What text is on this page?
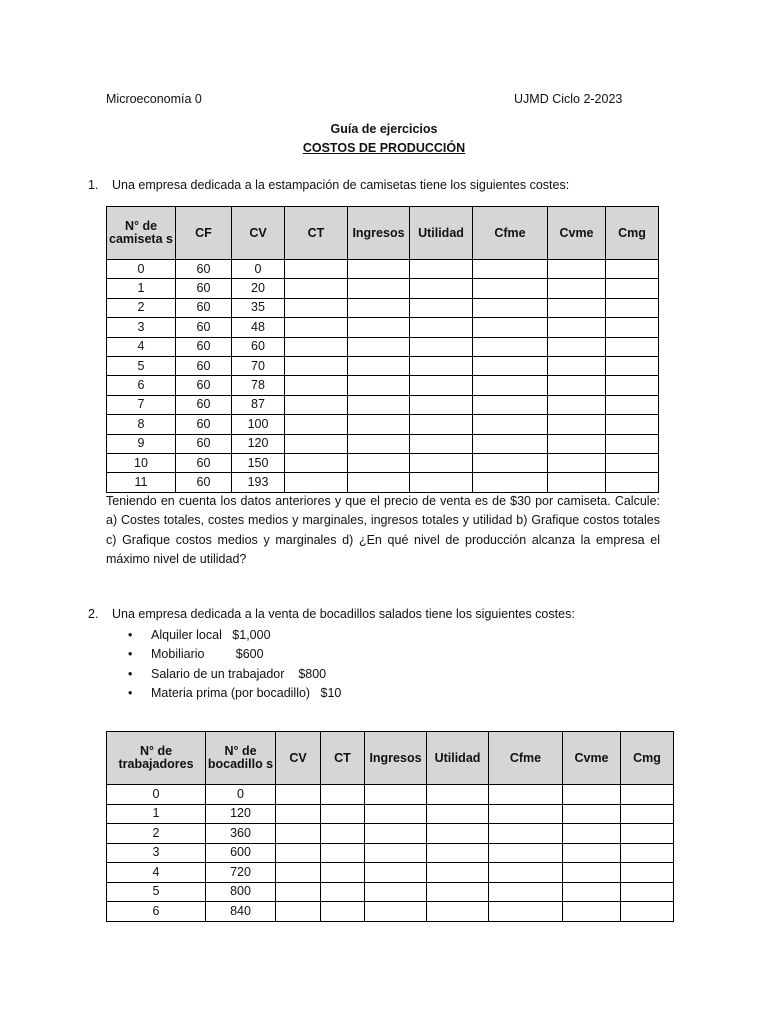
Microeconomía 0	UJMD Ciclo 2-2023
Guía de ejercicios
COSTOS DE PRODUCCIÓN
1. Una empresa dedicada a la estampación de camisetas tiene los siguientes costes:
N° de camiseta s	CF	CV	CT	Ingresos	Utilidad	Cfme	Cvme	Cmg
0	60	0						
1	60	20						
2	60	35						
3	60	48						
4	60	60						
5	60	70						
6	60	78						
7	60	87						
8	60	100						
9	60	120						
10	60	150						
11	60	193						
Teniendo en cuenta los datos anteriores y que el precio de venta es de $30 por camiseta. Calcule: a) Costes totales, costes medios y marginales, ingresos totales y utilidad b) Grafique costos totales c) Grafique costos medios y marginales d) ¿En qué nivel de producción alcanza la empresa el máximo nivel de utilidad?
2. Una empresa dedicada a la venta de bocadillos salados tiene los siguientes costes:
• Alquiler local   $1,000
• Mobiliario         $600
• Salario de un trabajador    $800
• Materia prima (por bocadillo)   $10
N° de trabajadores	N° de bocadillo s	CV	CT	Ingresos	Utilidad	Cfme	Cvme	Cmg
0	0							
1	120							
2	360							
3	600							
4	720							
5	800							
6	840							
